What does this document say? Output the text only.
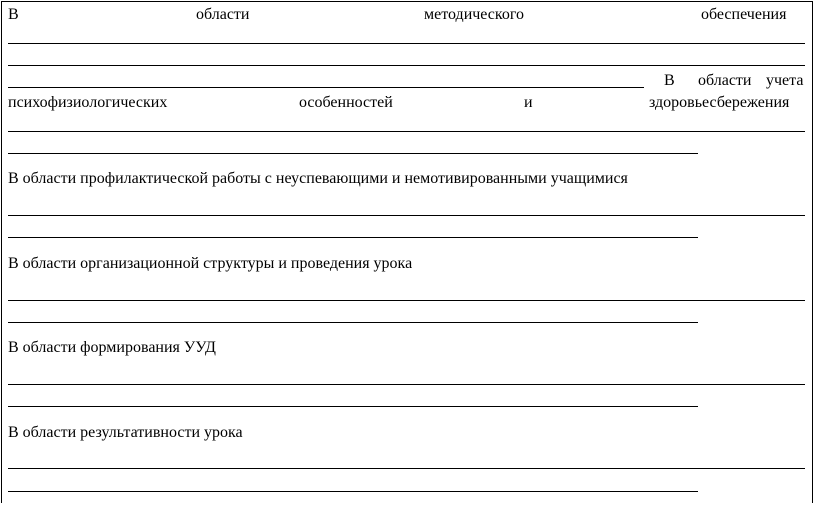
В	области	методического	обеспечения
В области учета
психофизиологических	особенностей	и	здоровьесбережения
В области профилактической работы с неуспевающими и немотивированными учащимися
В области организационной структуры и проведения урока
В области формирования УУД
В области результативности урока
